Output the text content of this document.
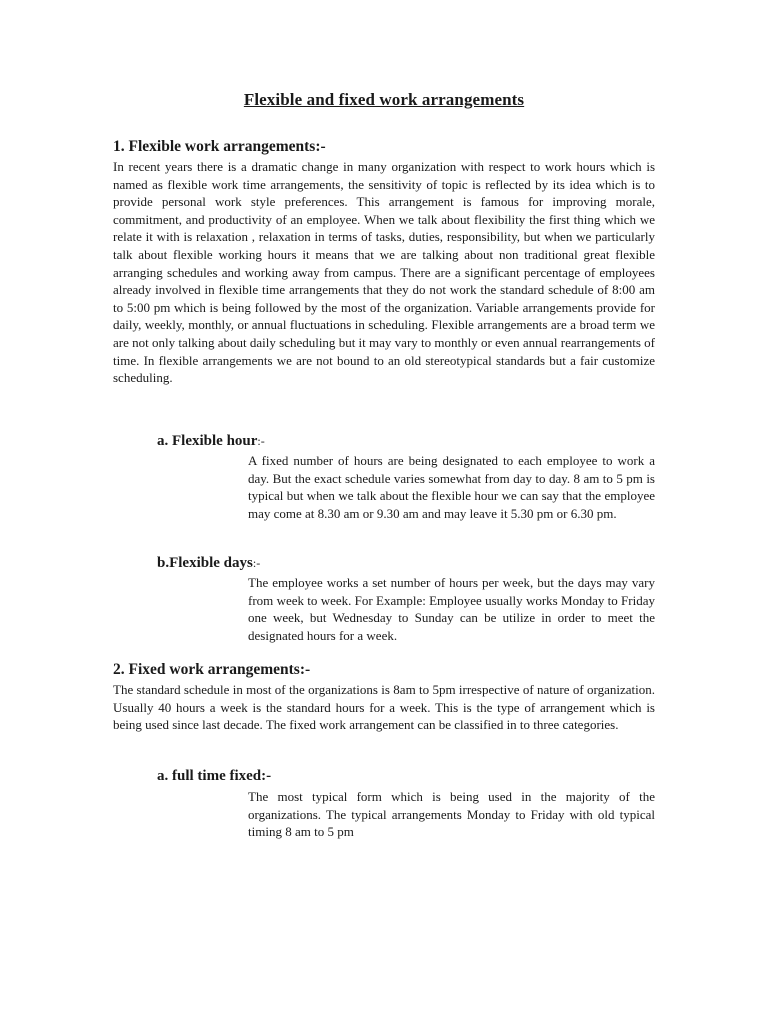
Flexible and fixed work arrangements
1. Flexible work arrangements:-

In recent years there is a dramatic change in many organization with respect to work hours which is named as flexible work time arrangements, the sensitivity of topic is reflected by its idea which is to provide personal work style preferences. This arrangement is famous for improving morale, commitment, and productivity of an employee. When we talk about flexibility the first thing which we relate it with is relaxation , relaxation in terms of tasks, duties, responsibility, but when we particularly talk about flexible working hours it means that we are talking about non traditional great flexible arranging schedules and working away from campus. There are a significant percentage of employees already involved in flexible time arrangements that they do not work the standard schedule of 8:00 am to 5:00 pm which is being followed by the most of the organization. Variable arrangements provide for daily, weekly, monthly, or annual fluctuations in scheduling. Flexible arrangements are a broad term we are not only talking about daily scheduling but it may vary to monthly or even annual rearrangements of time. In flexible arrangements we are not bound to an old stereotypical standards but a fair customize scheduling.

a. Flexible hour:-

A fixed number of hours are being designated to each employee to work a day. But the exact schedule varies somewhat from day to day. 8 am to 5 pm is typical but when we talk about the flexible hour we can say that the employee may come at 8.30 am or 9.30 am and may leave it 5.30 pm or 6.30 pm.

b.Flexible days:-

The employee works a set number of hours per week, but the days may vary from week to week. For Example: Employee usually works Monday to Friday one week, but Wednesday to Sunday can be utilize in order to meet the designated hours for a week.

2. Fixed work arrangements:-

The standard schedule in most of the organizations is 8am to 5pm irrespective of nature of organization. Usually 40 hours a week is the standard hours for a week. This is the type of arrangement which is being used since last decade. The fixed work arrangement can be classified in to three categories.

a. full time fixed:-

The most typical form which is being used in the majority of the organizations. The typical arrangements Monday to Friday with old typical timing 8 am to 5 pm
